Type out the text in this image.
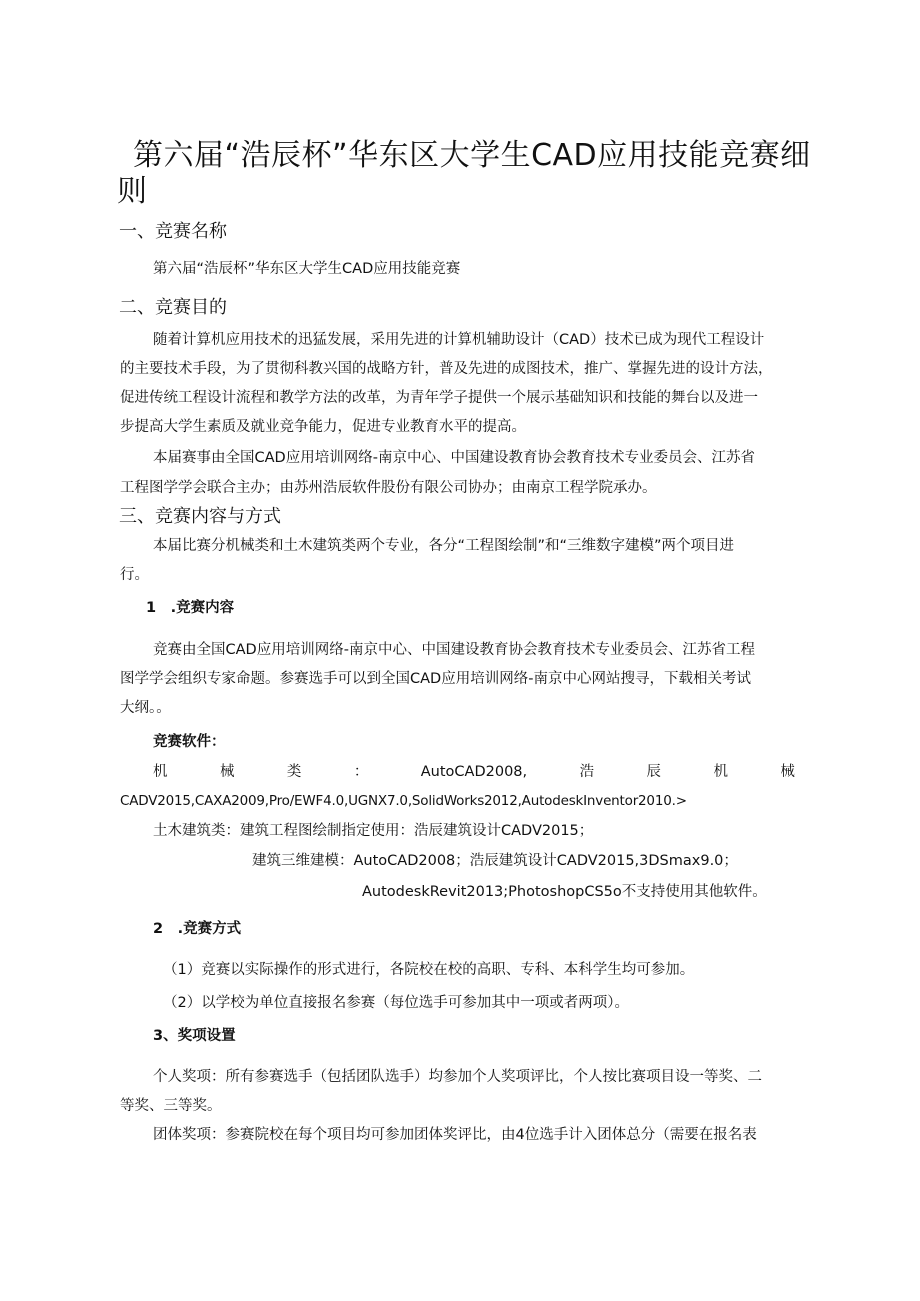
第六届“浩辰杯”华东区大学生CAD应用技能竞赛细
则
一、竞赛名称

第六届“浩辰杯”华东区大学生CAD应用技能竞赛

二、竞赛目的

随着计算机应用技术的迅猛发展，采用先进的计算机辅助设计（CAD）技术已成为现代工程设计

的主要技术手段，为了贯彻科教兴国的战略方针，普及先进的成图技术，推广、掌握先进的设计方法，

促进传统工程设计流程和教学方法的改革，为青年学子提供一个展示基础知识和技能的舞台以及进一

步提高大学生素质及就业竞争能力，促进专业教育水平的提高。

本届赛事由全国CAD应用培训网络-南京中心、中国建设教育协会教育技术专业委员会、江苏省

工程图学学会联合主办；由苏州浩辰软件股份有限公司协办；由南京工程学院承办。

三、竞赛内容与方式

本届比赛分机械类和土木建筑类两个专业，各分“工程图绘制”和“三维数字建模”两个项目进

行。

1　.竞赛内容

竞赛由全国CAD应用培训网络-南京中心、中国建设教育协会教育技术专业委员会、江苏省工程

图学学会组织专家命题。参赛选手可以到全国CAD应用培训网络-南京中心网站搜寻，下载相关考试

大纲。。

竞赛软件：

机	械	类	：	AutoCAD2008,	浩	辰	机	械

CADV2015,CAXA2009,Pro/EWF4.0,UGNX7.0,SolidWorks2012,AutodeskInventor2010.>

土木建筑类：建筑工程图绘制指定使用：浩辰建筑设计CADV2015；

建筑三维建模：AutoCAD2008；浩辰建筑设计CADV2015,3DSmax9.0；

AutodeskRevit2013;PhotoshopCS5o不支持使用其他软件。

2　.竞赛方式

（1）竞赛以实际操作的形式进行，各院校在校的高职、专科、本科学生均可参加。

（2）以学校为单位直接报名参赛（每位选手可参加其中一项或者两项）。

3、奖项设置

个人奖项：所有参赛选手（包括团队选手）均参加个人奖项评比，个人按比赛项目设一等奖、二

等奖、三等奖。

团体奖项：参赛院校在每个项目均可参加团体奖评比，由4位选手计入团体总分（需要在报名表
